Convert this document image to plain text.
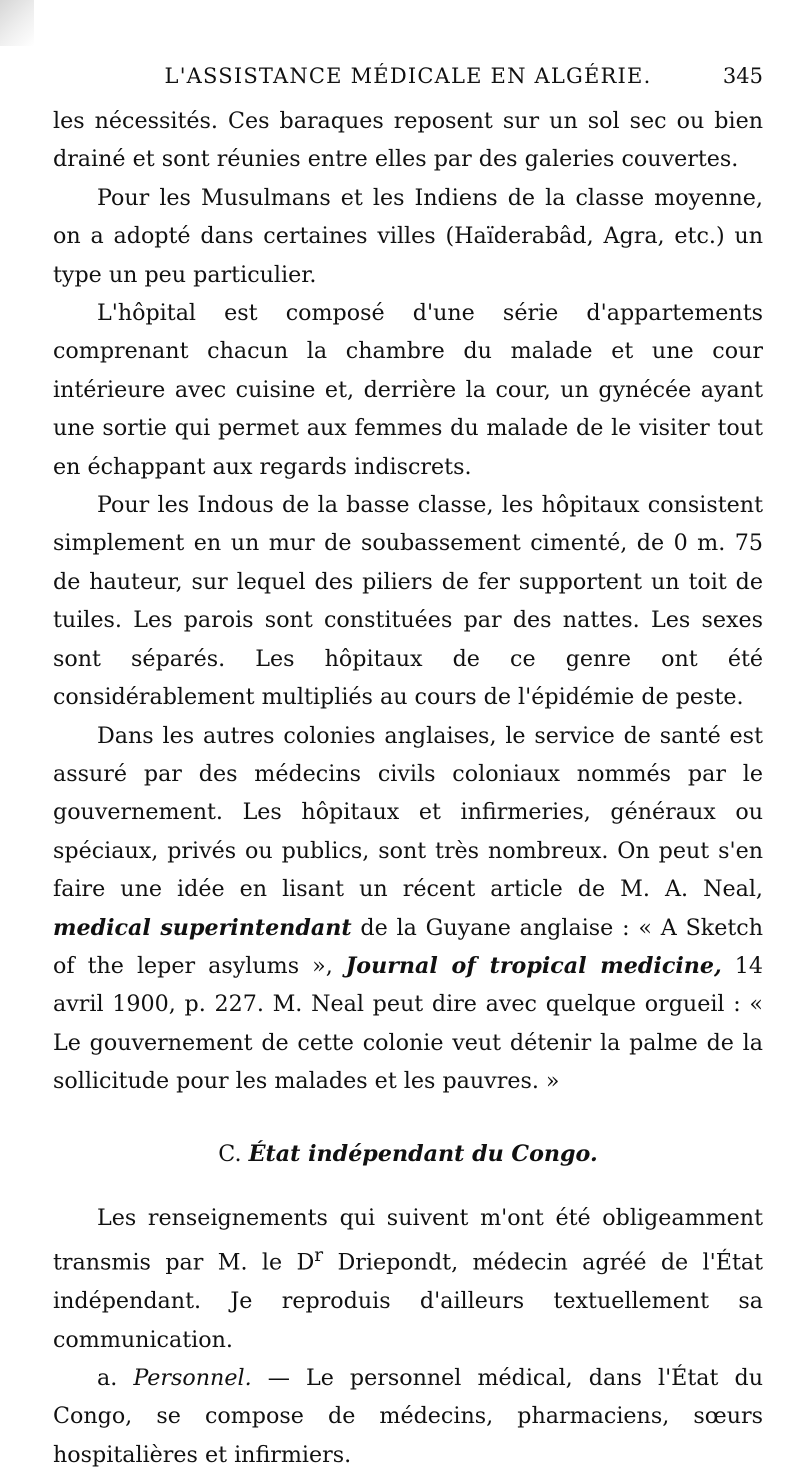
L'ASSISTANCE MÉDICALE EN ALGÉRIE.	345

les nécessités. Ces baraques reposent sur un sol sec ou bien drainé et sont réunies entre elles par des galeries couvertes.

Pour les Musulmans et les Indiens de la classe moyenne, on a adopté dans certaines villes (Haïderabâd, Agra, etc.) un type un peu particulier.

L'hôpital est composé d'une série d'appartements comprenant chacun la chambre du malade et une cour intérieure avec cuisine et, derrière la cour, un gynécée ayant une sortie qui permet aux femmes du malade de le visiter tout en échappant aux regards indiscrets.

Pour les Indous de la basse classe, les hôpitaux consistent simplement en un mur de soubassement cimenté, de 0 m. 75 de hauteur, sur lequel des piliers de fer supportent un toit de tuiles. Les parois sont constituées par des nattes. Les sexes sont séparés. Les hôpitaux de ce genre ont été considérablement multipliés au cours de l'épidémie de peste.

Dans les autres colonies anglaises, le service de santé est assuré par des médecins civils coloniaux nommés par le gouvernement. Les hôpitaux et infirmeries, généraux ou spéciaux, privés ou publics, sont très nombreux. On peut s'en faire une idée en lisant un récent article de M. A. Neal, medical superintendant de la Guyane anglaise : « A Sketch of the leper asylums », Journal of tropical medicine, 14 avril 1900, p. 227. M. Neal peut dire avec quelque orgueil : « Le gouvernement de cette colonie veut détenir la palme de la sollicitude pour les malades et les pauvres. »

C. État indépendant du Congo.

Les renseignements qui suivent m'ont été obligeamment transmis par M. le $D^r$ Driepondt, médecin agréé de l'État indépendant. Je reproduis d'ailleurs textuellement sa communication.

a. Personnel. — Le personnel médical, dans l'État du Congo, se compose de médecins, pharmaciens, sœurs hospitalières et infirmiers.
